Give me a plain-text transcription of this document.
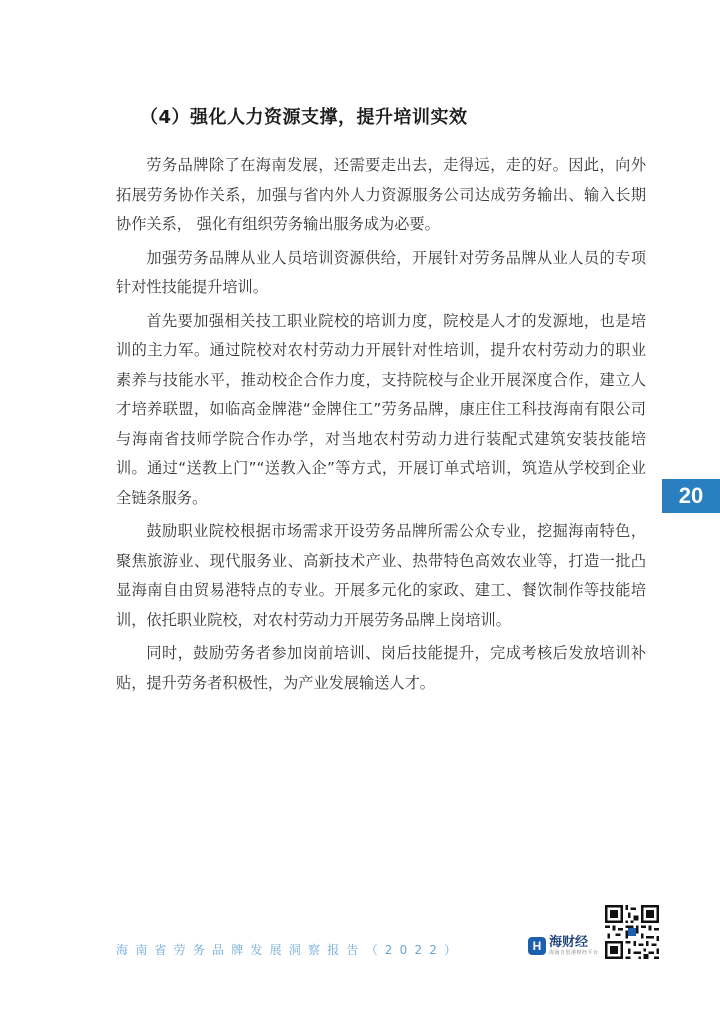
（4）强化人力资源支撑，提升培训实效

劳务品牌除了在海南发展，还需要走出去，走得远，走的好。因此，向外拓展劳务协作关系，加强与省内外人力资源服务公司达成劳务输出、输入长期协作关系， 强化有组织劳务输出服务成为必要。

加强劳务品牌从业人员培训资源供给，开展针对劳务品牌从业人员的专项针对性技能提升培训。

首先要加强相关技工职业院校的培训力度，院校是人才的发源地，也是培训的主力军。通过院校对农村劳动力开展针对性培训，提升农村劳动力的职业素养与技能水平，推动校企合作力度，支持院校与企业开展深度合作，建立人才培养联盟，如临高金牌港“金牌住工”劳务品牌，康庄住工科技海南有限公司与海南省技师学院合作办学，对当地农村劳动力进行装配式建筑安装技能培训。通过“送教上门”“送教入企”等方式，开展订单式培训，筑造从学校到企业全链条服务。

鼓励职业院校根据市场需求开设劳务品牌所需公众专业，挖掘海南特色，聚焦旅游业、现代服务业、高新技术产业、热带特色高效农业等，打造一批凸显海南自由贸易港特点的专业。开展多元化的家政、建工、餐饮制作等技能培训，依托职业院校，对农村劳动力开展劳务品牌上岗培训。

同时，鼓励劳务者参加岗前培训、岗后技能提升，完成考核后发放培训补贴，提升劳务者积极性，为产业发展输送人才。

20
海南省劳务品牌发展洞察报告（2022）	H 海财经
海南自贸港财经平台
